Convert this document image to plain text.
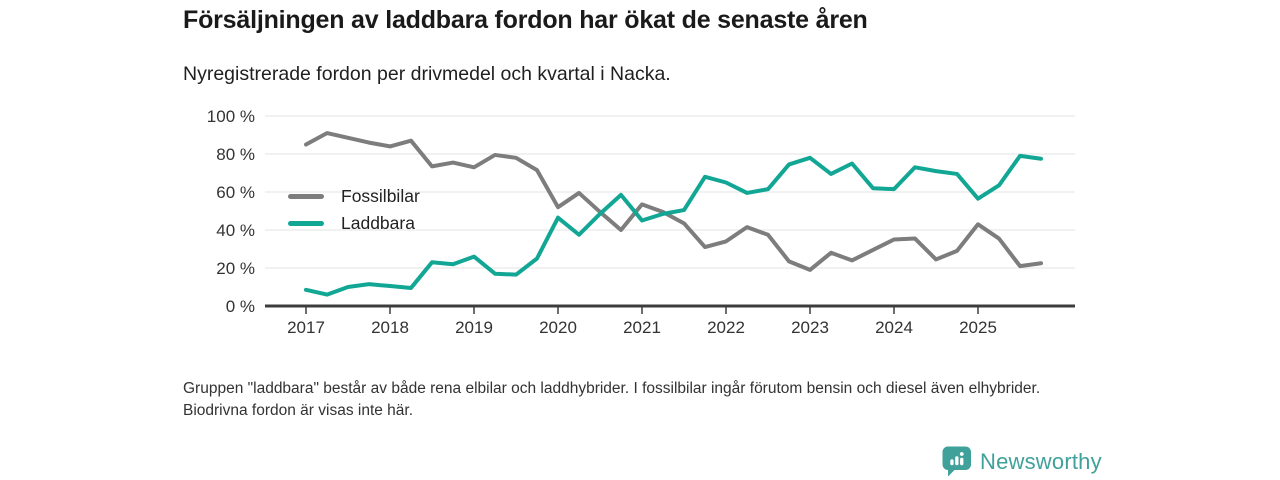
Försäljningen av laddbara fordon har ökat de senaste åren

Nyregistrerade fordon per drivmedel och kvartal i Nacka.

100 %
80 %
60 %
40 %
20 %
0 %
2017	2018	2019	2020	2021	2022	2023	2024	2025
Fossilbilar
Laddbara

Gruppen "laddbara" består av både rena elbilar och laddhybrider. I fossilbilar ingår förutom bensin och diesel även elhybrider. Biodrivna fordon är visas inte här.

Newsworthy
